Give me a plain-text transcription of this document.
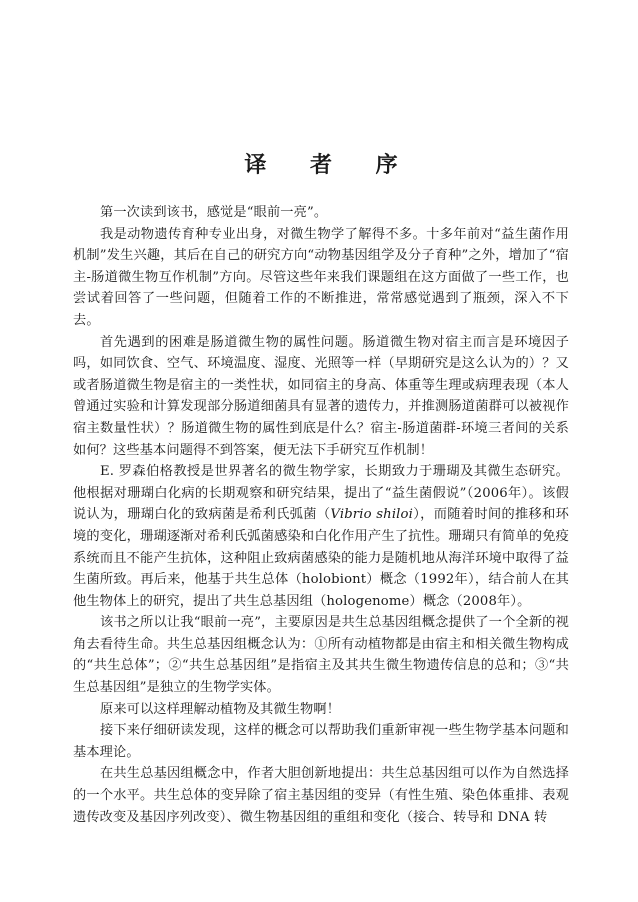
译 者 序

第一次读到该书，感觉是“眼前一亮”。

我是动物遗传育种专业出身，对微生物学了解得不多。十多年前对“益生菌作用机制”发生兴趣，其后在自己的研究方向“动物基因组学及分子育种”之外，增加了“宿主-肠道微生物互作机制”方向。尽管这些年来我们课题组在这方面做了一些工作，也尝试着回答了一些问题，但随着工作的不断推进，常常感觉遇到了瓶颈，深入不下去。

首先遇到的困难是肠道微生物的属性问题。肠道微生物对宿主而言是环境因子吗，如同饮食、空气、环境温度、湿度、光照等一样（早期研究是这么认为的）？又或者肠道微生物是宿主的一类性状，如同宿主的身高、体重等生理或病理表现（本人曾通过实验和计算发现部分肠道细菌具有显著的遗传力，并推测肠道菌群可以被视作宿主数量性状）？肠道微生物的属性到底是什么？宿主-肠道菌群-环境三者间的关系如何？这些基本问题得不到答案，便无法下手研究互作机制！

E. 罗森伯格教授是世界著名的微生物学家，长期致力于珊瑚及其微生态研究。他根据对珊瑚白化病的长期观察和研究结果，提出了“益生菌假说”（2006年）。该假说认为，珊瑚白化的致病菌是希利氏弧菌（Vibrio shiloi），而随着时间的推移和环境的变化，珊瑚逐渐对希利氏弧菌感染和白化作用产生了抗性。珊瑚只有简单的免疫系统而且不能产生抗体，这种阻止致病菌感染的能力是随机地从海洋环境中取得了益生菌所致。再后来，他基于共生总体（holobiont）概念（1992年），结合前人在其他生物体上的研究，提出了共生总基因组（hologenome）概念（2008年）。

该书之所以让我“眼前一亮”，主要原因是共生总基因组概念提供了一个全新的视角去看待生命。共生总基因组概念认为：①所有动植物都是由宿主和相关微生物构成的“共生总体”；②“共生总基因组”是指宿主及其共生微生物遗传信息的总和；③“共生总基因组”是独立的生物学实体。

原来可以这样理解动植物及其微生物啊！

接下来仔细研读发现，这样的概念可以帮助我们重新审视一些生物学基本问题和基本理论。

在共生总基因组概念中，作者大胆创新地提出：共生总基因组可以作为自然选择的一个水平。共生总体的变异除了宿主基因组的变异（有性生殖、染色体重排、表观遗传改变及基因序列改变）、微生物基因组的重组和变化（接合、转导和 DNA 转
